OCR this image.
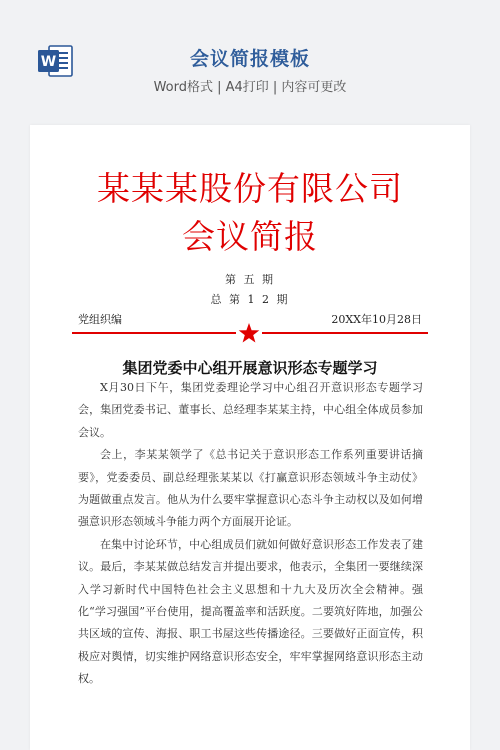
W	会议简报模板
Word格式 | A4打印 | 内容可更改
某某某股份有限公司
会议简报
第 五 期
总 第 1 2 期
党组织编	20XX年10月28日
集团党委中心组开展意识形态专题学习

X月30日下午，集团党委理论学习中心组召开意识形态专题学习会，集团党委书记、董事长、总经理李某某主持，中心组全体成员参加会议。

会上，李某某领学了《总书记关于意识形态工作系列重要讲话摘要》，党委委员、副总经理张某某以《打赢意识形态领域斗争主动仗》为题做重点发言。他从为什么要牢掌握意识心态斗争主动权以及如何增强意识形态领域斗争能力两个方面展开论证。

在集中讨论环节，中心组成员们就如何做好意识形态工作发表了建议。最后，李某某做总结发言并提出要求，他表示，全集团一要继续深入学习新时代中国特色社会主义思想和十九大及历次全会精神。强化“学习强国”平台使用，提高覆盖率和活跃度。二要筑好阵地，加强公共区域的宣传、海报、职工书屋这些传播途径。三要做好正面宣传，积极应对舆情，切实维护网络意识形态安全，牢牢掌握网络意识形态主动权。
